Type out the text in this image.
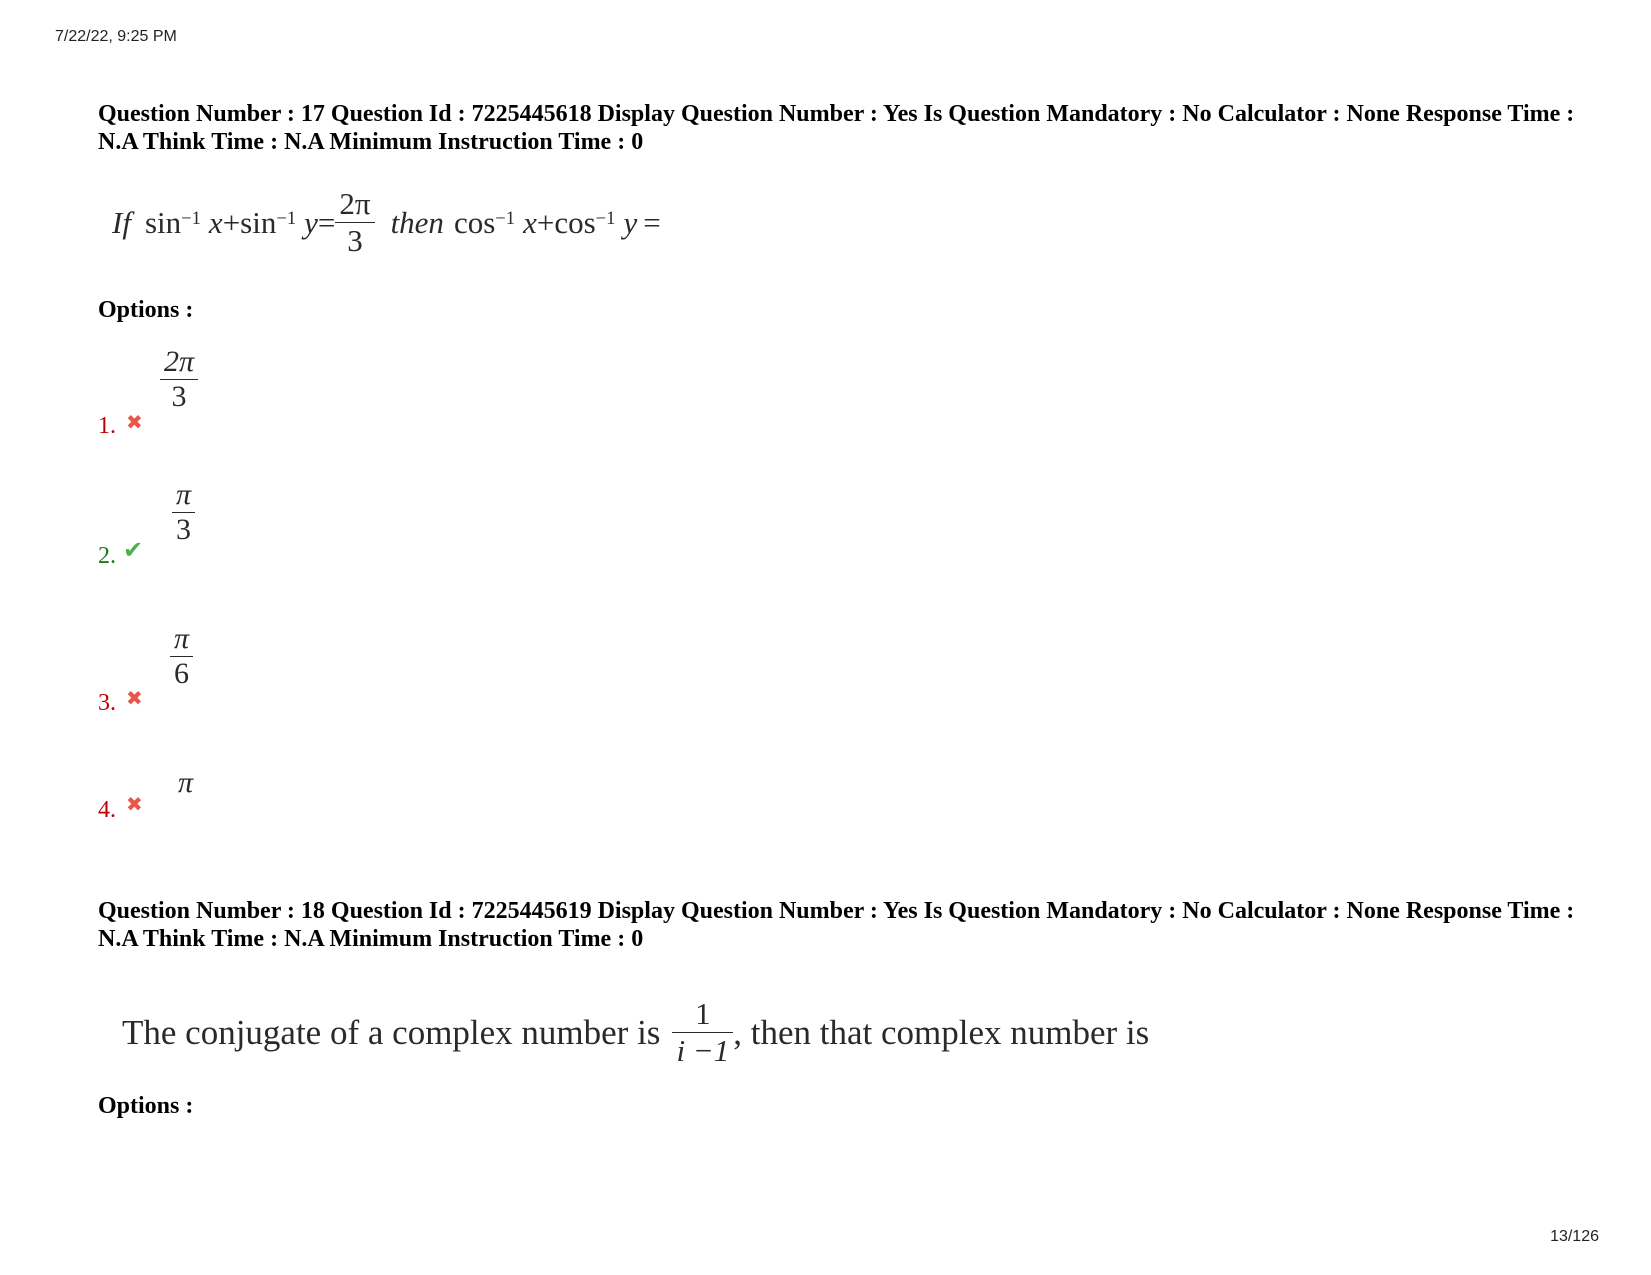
7/22/22, 9:25 PM
Question Number : 17 Question Id : 7225445618 Display Question Number : Yes Is Question Mandatory : No Calculator : None Response Time : N.A Think Time : N.A Minimum Instruction Time : 0
If $\sin^{-1} x + \sin^{-1} y = \frac{2\pi}{3}$ then $\cos^{-1} x + \cos^{-1} y$ =
Options :
1. ✖
$\frac{2\pi}{3}$
2. ✔
$\frac{\pi}{3}$
3. ✖
$\frac{\pi}{6}$
4. ✖
π
Question Number : 18 Question Id : 7225445619 Display Question Number : Yes Is Question Mandatory : No Calculator : None Response Time : N.A Think Time : N.A Minimum Instruction Time : 0
The conjugate of a complex number is $\frac{1}{i -1}$ , then that complex number is
Options :
13/126
